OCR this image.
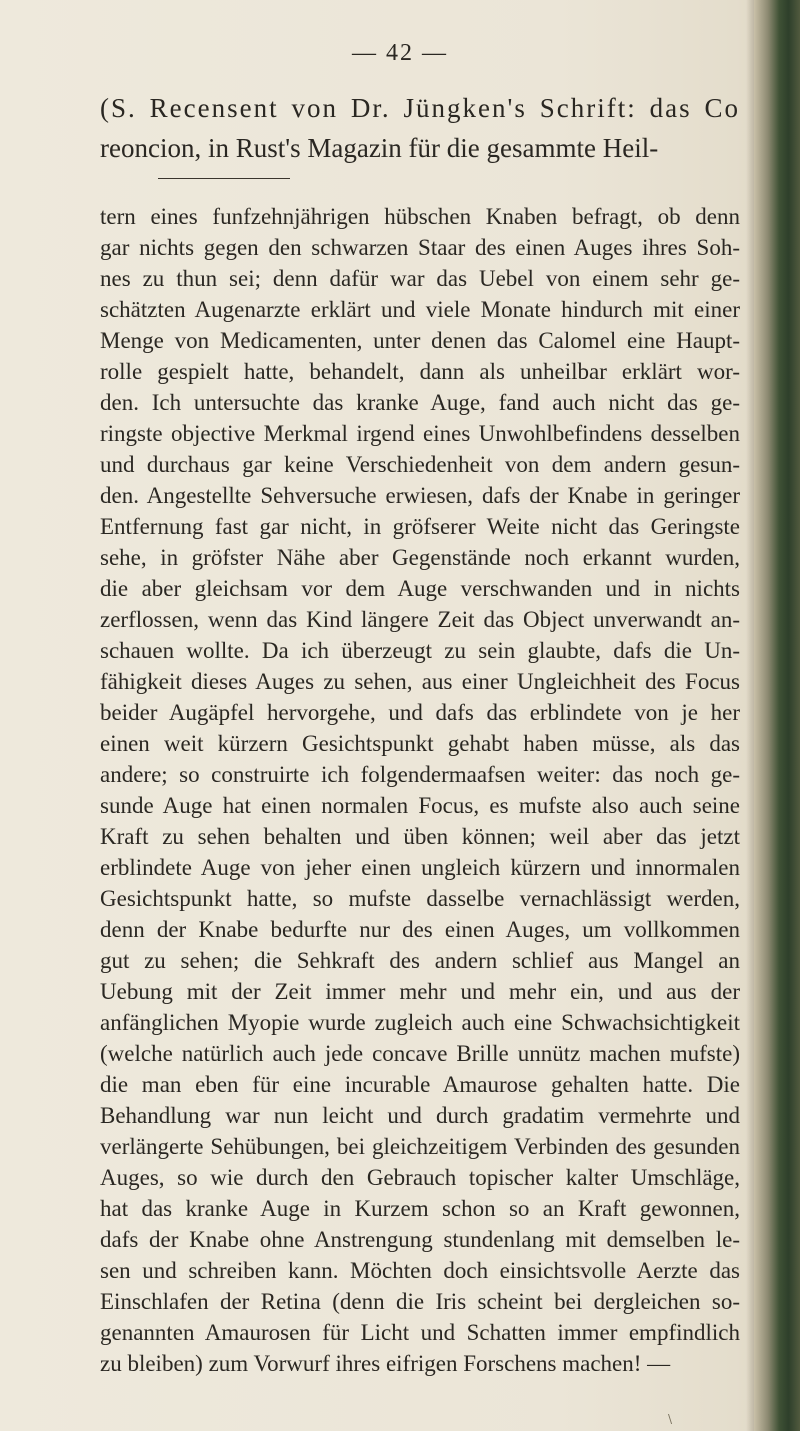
— 42 —

(S. Recensent von Dr. Jüngken's Schrift: das Co

reoncion, in Rust's Magazin für die gesammte Heil-

tern eines funfzehnjährigen hübschen Knaben befragt, ob denn
gar nichts gegen den schwarzen Staar des einen Auges ihres Soh-
nes zu thun sei; denn dafür war das Uebel von einem sehr ge-
schätzten Augenarzte erklärt und viele Monate hindurch mit einer
Menge von Medicamenten, unter denen das Calomel eine Haupt-
rolle gespielt hatte, behandelt, dann als unheilbar erklärt wor-
den. Ich untersuchte das kranke Auge, fand auch nicht das ge-
ringste objective Merkmal irgend eines Unwohlbefindens desselben
und durchaus gar keine Verschiedenheit von dem andern gesun-
den. Angestellte Sehversuche erwiesen, dafs der Knabe in geringer
Entfernung fast gar nicht, in gröfserer Weite nicht das Geringste
sehe, in gröfster Nähe aber Gegenstände noch erkannt wurden,
die aber gleichsam vor dem Auge verschwanden und in nichts
zerflossen, wenn das Kind längere Zeit das Object unverwandt an-
schauen wollte. Da ich überzeugt zu sein glaubte, dafs die Un-
fähigkeit dieses Auges zu sehen, aus einer Ungleichheit des Focus
beider Augäpfel hervorgehe, und dafs das erblindete von je her
einen weit kürzern Gesichtspunkt gehabt haben müsse, als das
andere; so construirte ich folgendermaafsen weiter: das noch ge-
sunde Auge hat einen normalen Focus, es mufste also auch seine
Kraft zu sehen behalten und üben können; weil aber das jetzt
erblindete Auge von jeher einen ungleich kürzern und innormalen
Gesichtspunkt hatte, so mufste dasselbe vernachlässigt werden,
denn der Knabe bedurfte nur des einen Auges, um vollkommen
gut zu sehen; die Sehkraft des andern schlief aus Mangel an
Uebung mit der Zeit immer mehr und mehr ein, und aus der
anfänglichen Myopie wurde zugleich auch eine Schwachsichtigkeit
(welche natürlich auch jede concave Brille unnütz machen mufste)
die man eben für eine incurable Amaurose gehalten hatte. Die
Behandlung war nun leicht und durch gradatim vermehrte und
verlängerte Sehübungen, bei gleichzeitigem Verbinden des gesunden
Auges, so wie durch den Gebrauch topischer kalter Umschläge,
hat das kranke Auge in Kurzem schon so an Kraft gewonnen,
dafs der Knabe ohne Anstrengung stundenlang mit demselben le-
sen und schreiben kann. Möchten doch einsichtsvolle Aerzte das
Einschlafen der Retina (denn die Iris scheint bei dergleichen so-
genannten Amaurosen für Licht und Schatten immer empfindlich
zu bleiben) zum Vorwurf ihres eifrigen Forschens machen! —
\
